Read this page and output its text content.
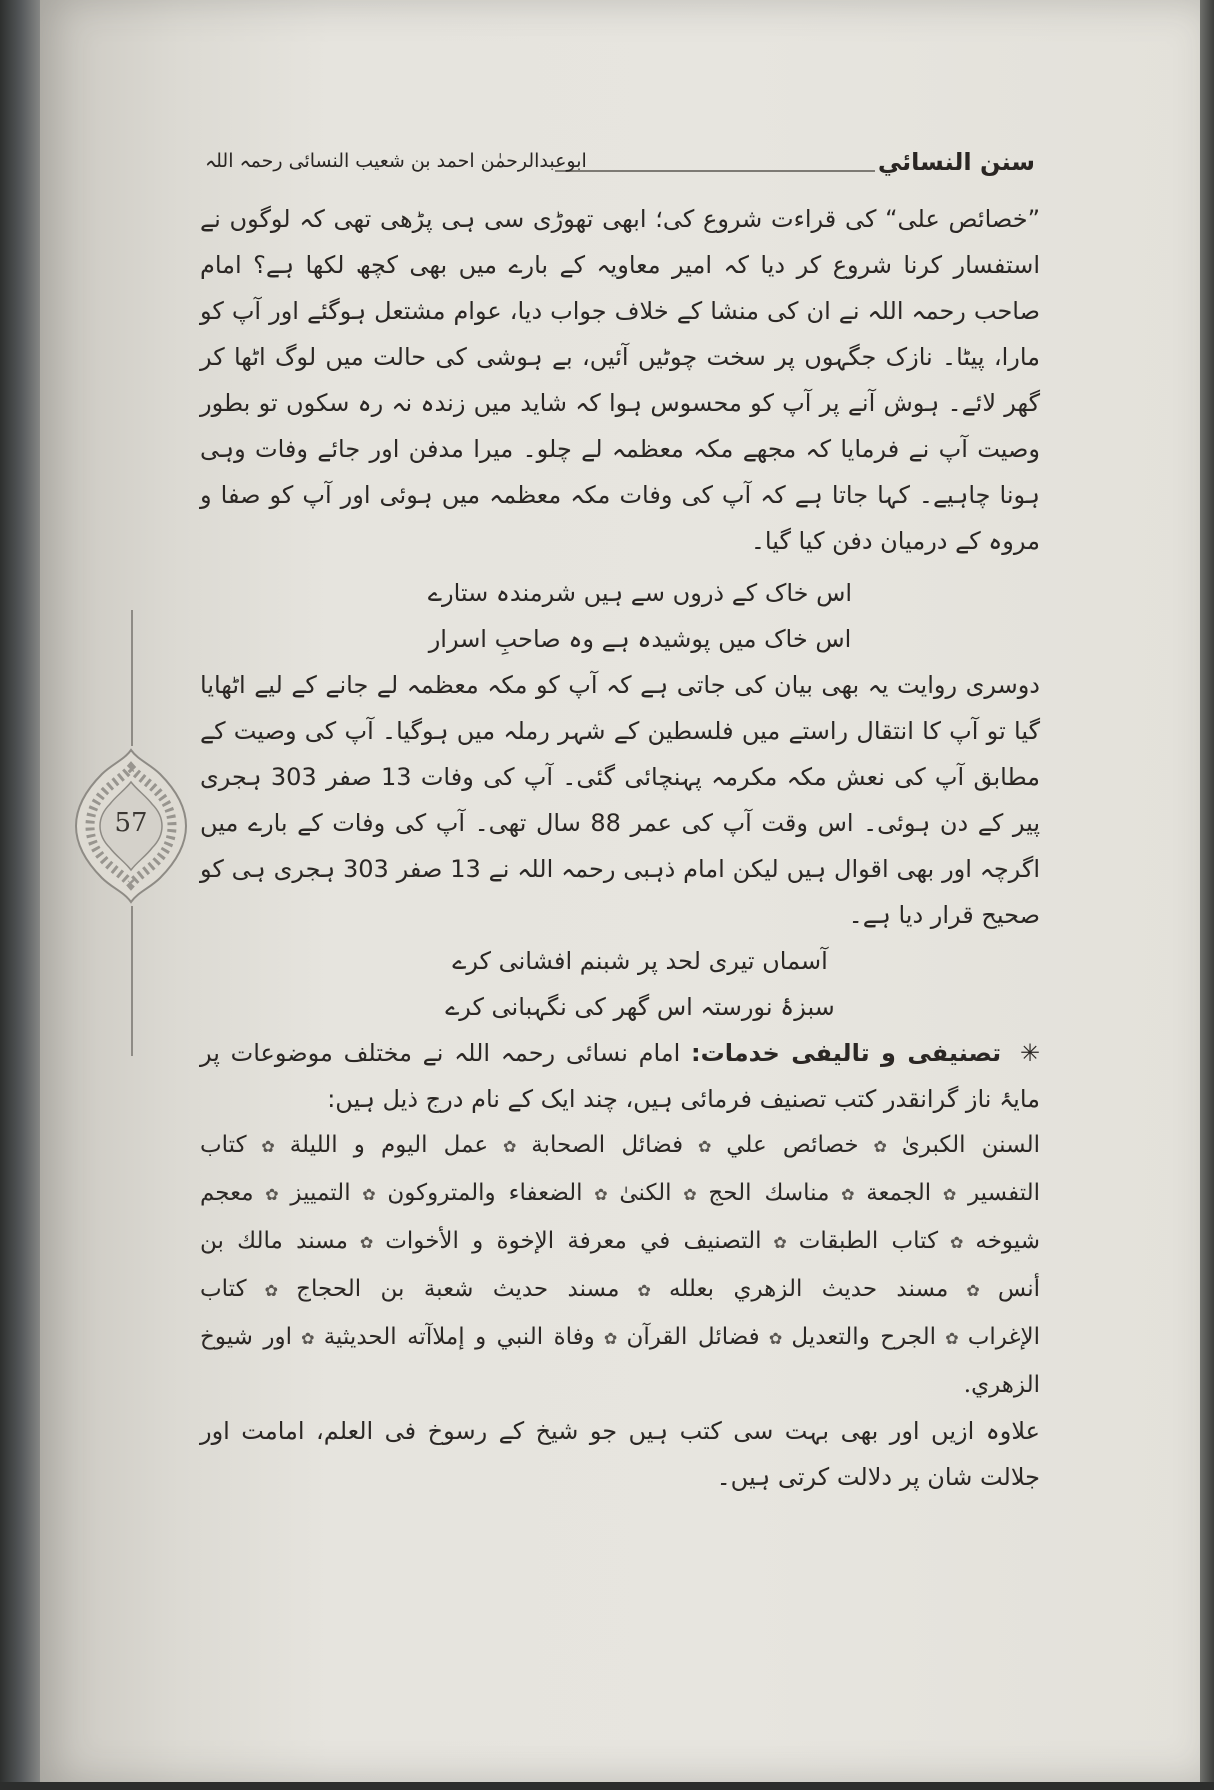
سنن النسائي
ابوعبدالرحمٰن احمد بن شعیب النسائی رحمہ اللہ
57

”خصائص علی“ کی قراءت شروع کی؛ ابھی تھوڑی سی ہی پڑھی تھی کہ لوگوں نے استفسار کرنا شروع کر دیا کہ امیر معاویہ کے بارے میں بھی کچھ لکھا ہے؟ امام صاحب رحمہ اللہ نے ان کی منشا کے خلاف جواب دیا، عوام مشتعل ہوگئے اور آپ کو مارا، پیٹا۔ نازک جگہوں پر سخت چوٹیں آئیں، بے ہوشی کی حالت میں لوگ اٹھا کر گھر لائے۔ ہوش آنے پر آپ کو محسوس ہوا کہ شاید میں زندہ نہ رہ سکوں تو بطور وصیت آپ نے فرمایا کہ مجھے مکہ معظمہ لے چلو۔ میرا مدفن اور جائے وفات وہی ہونا چاہیے۔ کہا جاتا ہے کہ آپ کی وفات مکہ معظمہ میں ہوئی اور آپ کو صفا و مروہ کے درمیان دفن کیا گیا۔

اس خاک کے ذروں سے ہیں شرمندہ ستارے

اس خاک میں پوشیدہ ہے وہ صاحبِ اسرار

دوسری روایت یہ بھی بیان کی جاتی ہے کہ آپ کو مکہ معظمہ لے جانے کے لیے اٹھایا گیا تو آپ کا انتقال راستے میں فلسطین کے شہر رملہ میں ہوگیا۔ آپ کی وصیت کے مطابق آپ کی نعش مکہ مکرمہ پہنچائی گئی۔ آپ کی وفات 13 صفر 303 ہجری پیر کے دن ہوئی۔ اس وقت آپ کی عمر 88 سال تھی۔ آپ کی وفات کے بارے میں اگرچہ اور بھی اقوال ہیں لیکن امام ذہبی رحمہ اللہ نے 13 صفر 303 ہجری ہی کو صحیح قرار دیا ہے۔

آسماں تیری لحد پر شبنم افشانی کرے

سبزۂ نورستہ اس گھر کی نگہبانی کرے

✳ تصنیفی و تالیفی خدمات: امام نسائی رحمہ اللہ نے مختلف موضوعات پر مایۂ ناز گرانقدر کتب تصنیف فرمائی ہیں، چند ایک کے نام درج ذیل ہیں:

السنن الكبرىٰ✿خصائص علي✿فضائل الصحابة✿عمل اليوم و الليلة✿كتاب التفسير✿الجمعة✿مناسك الحج✿الكنىٰ✿الضعفاء والمتروكون✿التمييز✿معجم شيوخه✿كتاب الطبقات✿التصنيف في معرفة الإخوة و الأخوات✿مسند مالك بن أنس✿مسند حديث الزهري بعلله✿مسند حديث شعبة بن الحجاج✿كتاب الإغراب✿الجرح والتعديل✿فضائل القرآن✿وفاة النبي و إملاآته الحديثية✿اور شيوخ الزهري.

علاوہ ازیں اور بھی بہت سی کتب ہیں جو شیخ کے رسوخ فی العلم، امامت اور جلالت شان پر دلالت کرتی ہیں۔
